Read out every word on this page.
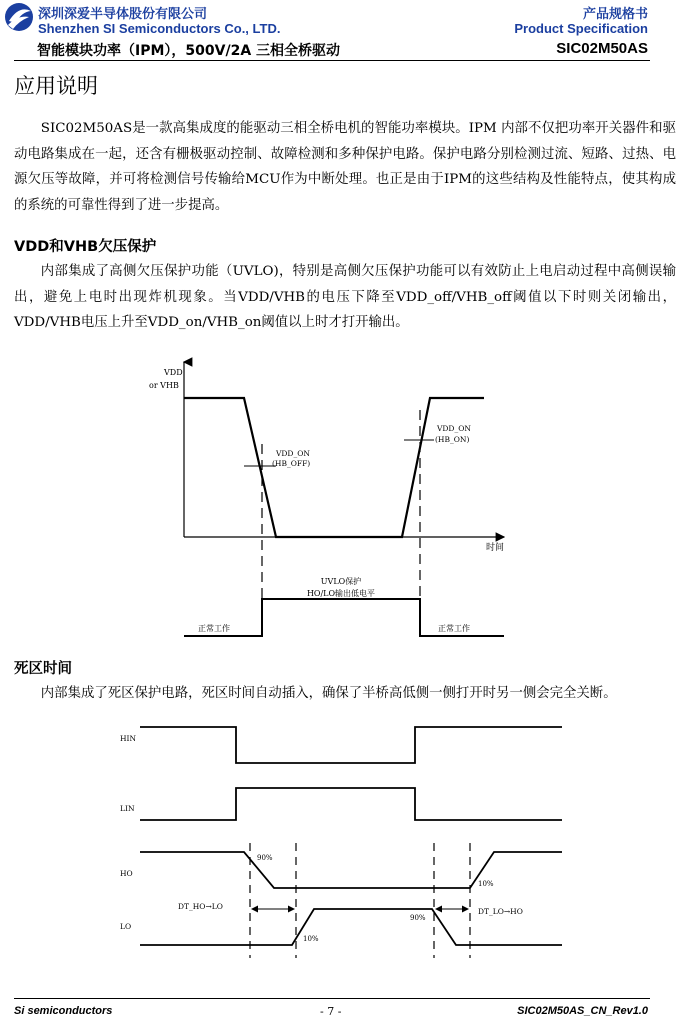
深圳深爱半导体股份有限公司
Shenzhen SI Semiconductors Co., LTD.
智能模块功率（IPM），500V/2A 三相全桥驱动
产品规格书
Product Specification
SIC02M50AS
应用说明
SIC02M50AS是一款高集成度的能驱动三相全桥电机的智能功率模块。IPM 内部不仅把功率开关器件和驱动电路集成在一起，还含有栅极驱动控制、故障检测和多种保护电路。保护电路分别检测过流、短路、过热、电源欠压等故障，并可将检测信号传输给MCU作为中断处理。也正是由于IPM的这些结构及性能特点，使其构成的系统的可靠性得到了进一步提高。
VDD和VHB欠压保护
内部集成了高侧欠压保护功能（UVLO)，特别是高侧欠压保护功能可以有效防止上电启动过程中高侧误输出，避免上电时出现炸机现象。当VDD/VHB的电压下降至VDD_off/VHB_off阈值以下时则关闭输出，VDD/VHB电压上升至VDD_on/VHB_on阈值以上时才打开输出。
VDD
or VHB
时间
VDD_ON
(HB_OFF)
VDD_ON
(HB_ON)
UVLO保护
HO/LO输出低电平
正常工作	正常工作
死区时间
内部集成了死区保护电路，死区时间自动插入，确保了半桥高低侧一侧打开时另一侧会完全关断。
HIN
LIN
HO
LO
90%
10%
90%
10%
DT_HO→LO
DT_LO→HO
Si semiconductors	- 7 -	SIC02M50AS_CN_Rev1.0
